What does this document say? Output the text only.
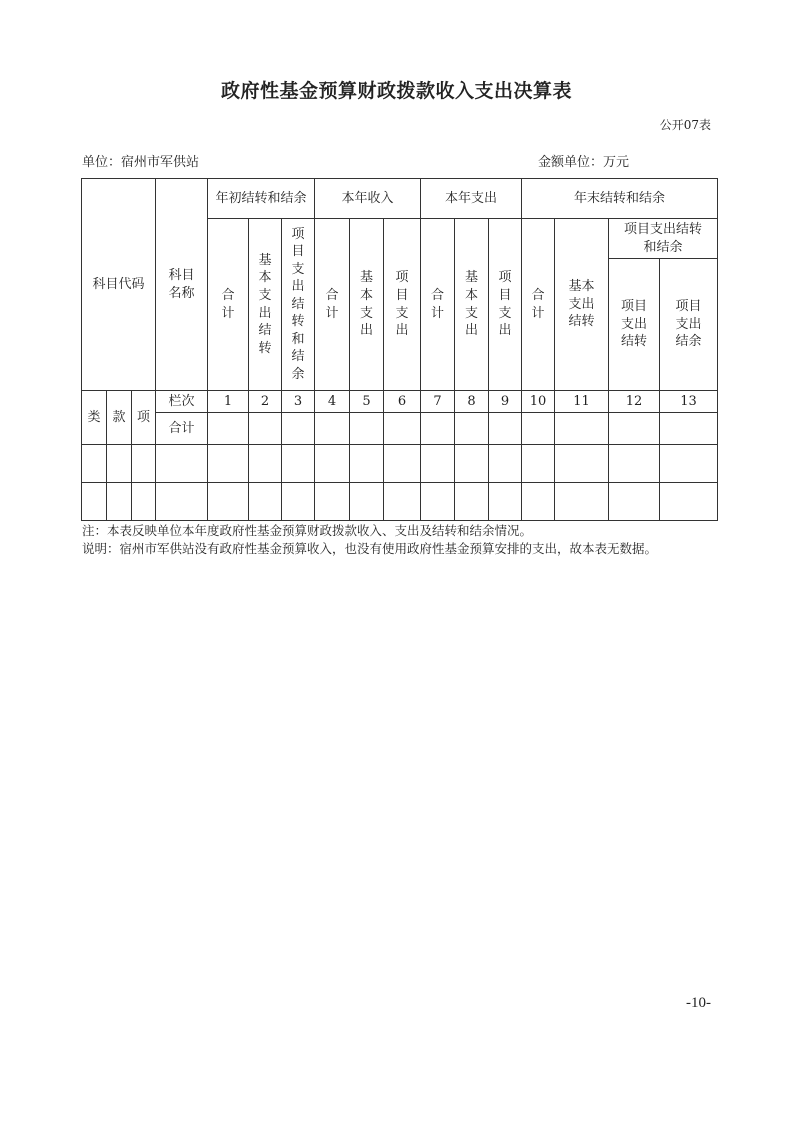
政府性基金预算财政拨款收入支出决算表
公开07表
单位：宿州市军供站	金额单位：万元
科目代码			科目名称	年初结转和结余			本年收入			本年支出			年末结转和结余			
				合计	基本支出结转	项目支出结转和结余	合计	基本支出	项目支出	合计	基本支出	项目支出	合计	基本支出结转	项目支出结转和结余	
															项目支出结转	项目支出结余
类	款	项	栏次	1	2	3	4	5	6	7	8	9	10	11	12	13
			合计													

注：本表反映单位本年度政府性基金预算财政拨款收入、支出及结转和结余情况。
说明：宿州市军供站没有政府性基金预算收入，也没有使用政府性基金预算安排的支出，故本表无数据。
-10-
